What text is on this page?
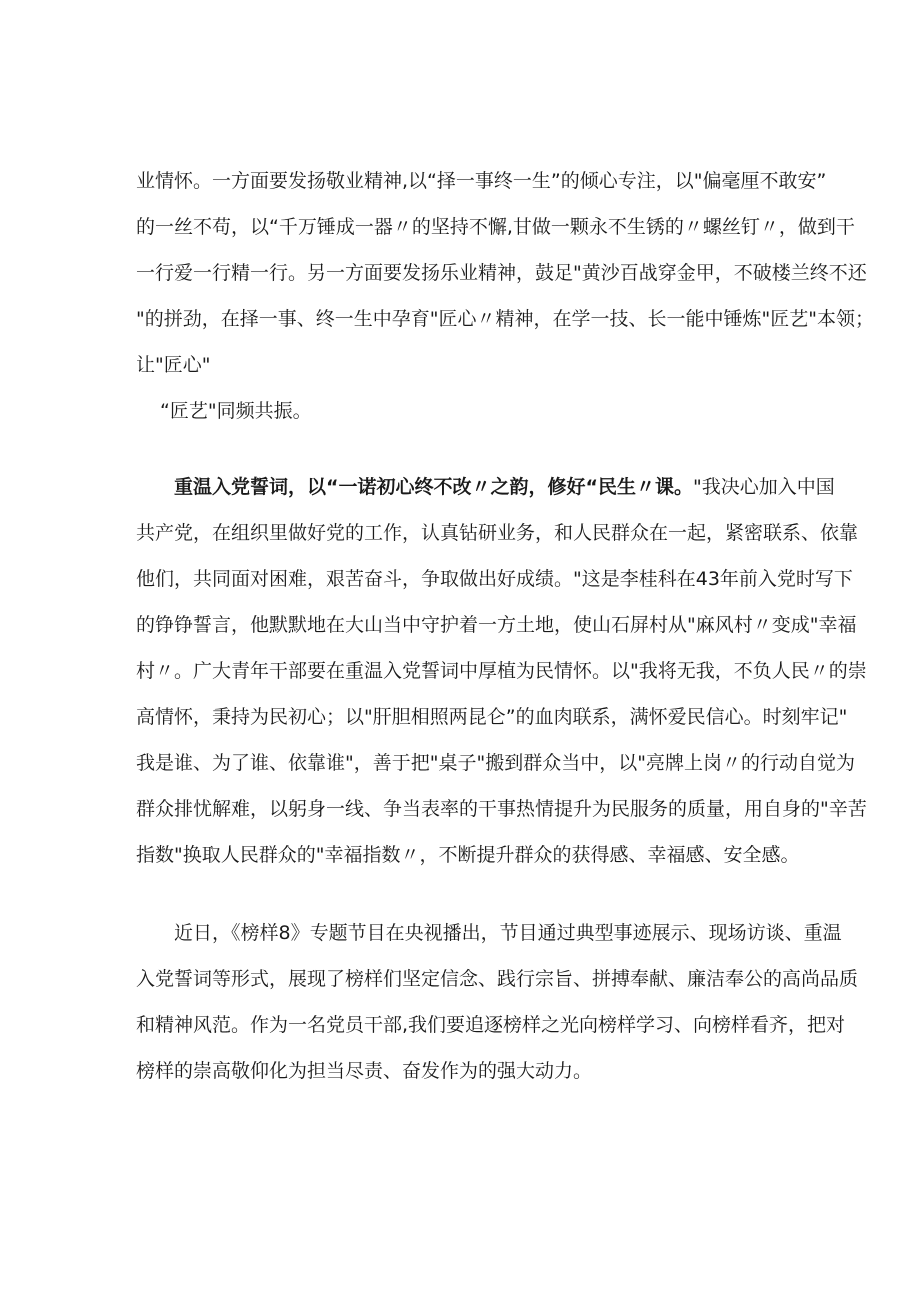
业情怀。一方面要发扬敬业精神,以“择一事终一生”的倾心专注，以"偏毫厘不敢安”

的一丝不苟，以“千万锤成一器〃的坚持不懈,甘做一颗永不生锈的〃螺丝钉〃，做到干

一行爱一行精一行。另一方面要发扬乐业精神，鼓足"黄沙百战穿金甲，不破楼兰终不还

"的拼劲，在择一事、终一生中孕育"匠心〃精神，在学一技、长一能中锤炼"匠艺"本领；

让"匠心"

“匠艺"同频共振。

重温入党誓词，以“一诺初心终不改〃之韵，修好“民生〃课。"我决心加入中国

共产党，在组织里做好党的工作，认真钻研业务，和人民群众在一起，紧密联系、依靠

他们，共同面对困难，艰苦奋斗，争取做出好成绩。"这是李桂科在43年前入党时写下

的铮铮誓言，他默默地在大山当中守护着一方土地，使山石屏村从"麻风村〃变成"幸福

村〃。广大青年干部要在重温入党誓词中厚植为民情怀。以"我将无我，不负人民〃的崇

高情怀，秉持为民初心；以"肝胆相照两昆仑”的血肉联系，满怀爱民信心。时刻牢记"

我是谁、为了谁、依靠谁"，善于把"桌子"搬到群众当中，以"亮牌上岗〃的行动自觉为

群众排忧解难，以躬身一线、争当表率的干事热情提升为民服务的质量，用自身的"辛苦

指数"换取人民群众的"幸福指数〃，不断提升群众的获得感、幸福感、安全感。

近日，《榜样8》专题节目在央视播出，节目通过典型事迹展示、现场访谈、重温

入党誓词等形式，展现了榜样们坚定信念、践行宗旨、拼搏奉献、廉洁奉公的高尚品质

和精神风范。作为一名党员干部,我们要追逐榜样之光向榜样学习、向榜样看齐，把对

榜样的崇高敬仰化为担当尽责、奋发作为的强大动力。
